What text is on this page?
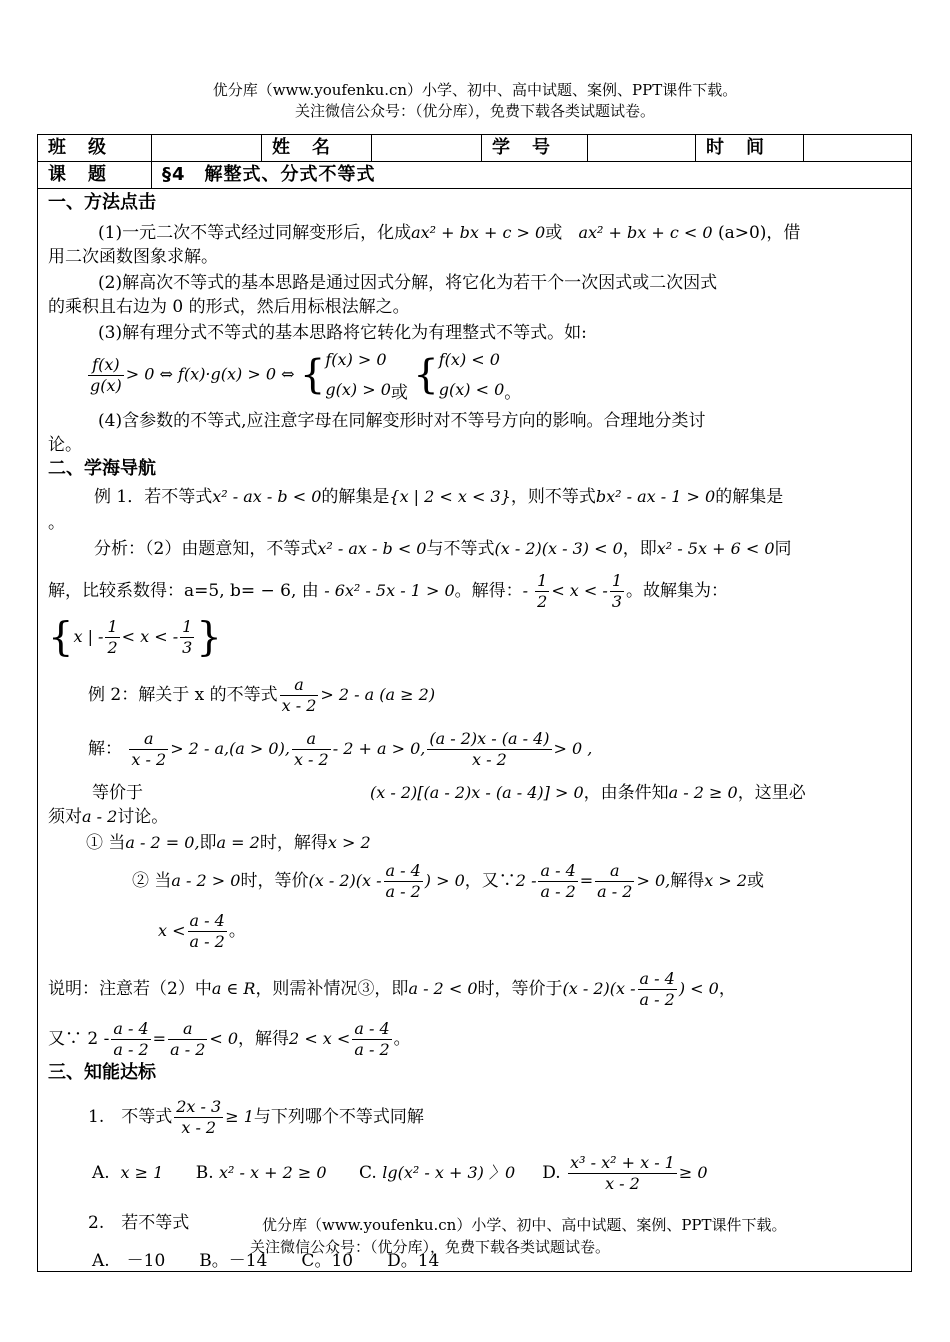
优分库（www.youfenku.cn）小学、初中、高中试题、案例、PPT课件下载。
关注微信公众号：（优分库），免费下载各类试题试卷。
班　级	姓　名	学　号	时　间
课　题	§4　解整式、分式不等式
一、方法点击
(1)一元二次不等式经过同解变形后，化成ax² + bx + c > 0或 ax² + bx + c < 0 (a>0)，借
用二次函数图象求解。
(2)解高次不等式的基本思路是通过因式分解，将它化为若干个一次因式或二次因式
的乘积且右边为 0 的形式，然后用标根法解之。
(3)解有理分式不等式的基本思路将它转化为有理整式不等式。如:
$\frac{f(x)}{g(x)} > 0$ ⇔ f(x)·g(x) > 0 ⇔ { f(x) > 0
g(x) > 0 或 { f(x) < 0
g(x) < 0 。
(4)含参数的不等式,应注意字母在同解变形时对不等号方向的影响。合理地分类讨
论。
二、学海导航
例 1．若不等式x² - ax - b < 0的解集是{x | 2 < x < 3}，则不等式bx² - ax - 1 > 0的解集是
。
分析：（2）由题意知，不等式x² - ax - b < 0与不等式(x - 2)(x - 3) < 0，即x² - 5x + 6 < 0同
解，比较系数得：a=5, b= − 6, 由 - 6x² - 5x - 1 > 0。解得：- $\frac{1}{2} < x$ < - $\frac{1}{3}$ 。故解集为：
{x | - $\frac{1}{2} < x$ < - $\frac{1}{3}$ }
例 2：解关于 x 的不等式 $\frac{a}{x - 2} > 2 - a$ (a ≥ 2)
解： $\frac{a}{x - 2} > 2 - a,(a > 0)$, $\frac{a}{x - 2} - 2 + a > 0$, $\frac{(a - 2)x - (a - 4)}{x - 2} > 0$ ,
等价于	(x - 2)[(a - 2)x - (a - 4)] > 0，由条件知a - 2 ≥ 0，这里必
须对a - 2讨论。
① 当a - 2 = 0,即a = 2时，解得x > 2
② 当a - 2 > 0时，等价$(x - 2)(x - \frac{a - 4}{a - 2}$ ) > 0，又∵2 - $\frac{a - 4}{a - 2} = \frac{a}{a - 2} > 0$,解得x > 2或
$x < \frac{a - 4}{a - 2}$ 。
说明：注意若（2）中a ∈ R，则需补情况③，即a - 2 < 0时，等价于$(x - 2)(x - \frac{a - 4}{a - 2}$ ) < 0，
又∵ $2 - \frac{a - 4}{a - 2} = \frac{a}{a - 2} < 0$，解得$2 < x < \frac{a - 4}{a - 2}$ 。
三、知能达标
1.　不等式 $\frac{2x - 3}{x - 2} \ge 1$与下列哪个不等式同解
A. x ≥ 1 B. x² - x + 2 ≥ 0 C. lg(x² - x + 3) 〉0 D. $\frac{\text{x³ - x² + x - 1}}{x - 2} \ge 0$
2.　若不等式	优分库（www.youfenku.cn）小学、初中、高中试题、案例、PPT课件下载。
关注微信公众号：（优分库），免费下载各类试题试卷。
A.　－10　　B。－14　　C。10　　D。14
